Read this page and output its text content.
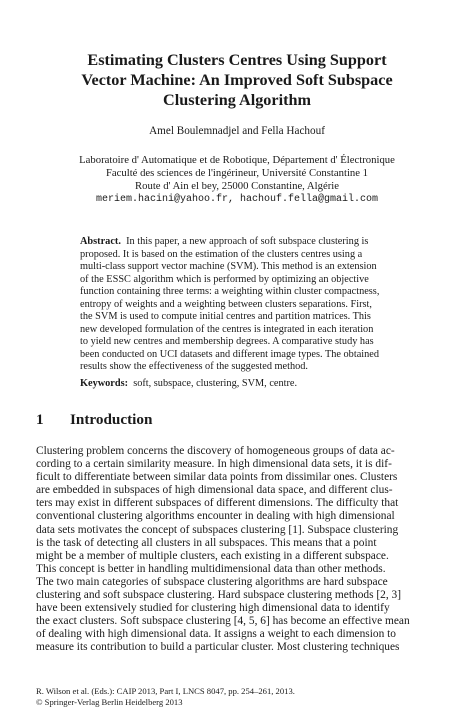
Estimating Clusters Centres Using Support
Vector Machine: An Improved Soft Subspace
Clustering Algorithm
Amel Boulemnadjel and Fella Hachouf
Laboratoire d' Automatique et de Robotique, Département d' Électronique
Faculté des sciences de l'ingérineur, Université Constantine 1
Route d' Ain el bey, 25000 Constantine, Algérie
meriem.hacini@yahoo.fr, hachouf.fella@gmail.com
Abstract. In this paper, a new approach of soft subspace clustering is
proposed. It is based on the estimation of the clusters centres using a
multi-class support vector machine (SVM). This method is an extension
of the ESSC algorithm which is performed by optimizing an objective
function containing three terms: a weighting within cluster compactness,
entropy of weights and a weighting between clusters separations. First,
the SVM is used to compute initial centres and partition matrices. This
new developed formulation of the centres is integrated in each iteration
to yield new centres and membership degrees. A comparative study has
been conducted on UCI datasets and different image types. The obtained
results show the effectiveness of the suggested method.
Keywords: soft, subspace, clustering, SVM, centre.
1 Introduction
Clustering problem concerns the discovery of homogeneous groups of data ac-
cording to a certain similarity measure. In high dimensional data sets, it is dif-
ficult to differentiate between similar data points from dissimilar ones. Clusters
are embedded in subspaces of high dimensional data space, and different clus-
ters may exist in different subspaces of different dimensions. The difficulty that
conventional clustering algorithms encounter in dealing with high dimensional
data sets motivates the concept of subspaces clustering [1]. Subspace clustering
is the task of detecting all clusters in all subspaces. This means that a point
might be a member of multiple clusters, each existing in a different subspace.
This concept is better in handling multidimensional data than other methods.
The two main categories of subspace clustering algorithms are hard subspace
clustering and soft subspace clustering. Hard subspace clustering methods [2, 3]
have been extensively studied for clustering high dimensional data to identify
the exact clusters. Soft subspace clustering [4, 5, 6] has become an effective mean
of dealing with high dimensional data. It assigns a weight to each dimension to
measure its contribution to build a particular cluster. Most clustering techniques
R. Wilson et al. (Eds.): CAIP 2013, Part I, LNCS 8047, pp. 254–261, 2013.
© Springer-Verlag Berlin Heidelberg 2013
